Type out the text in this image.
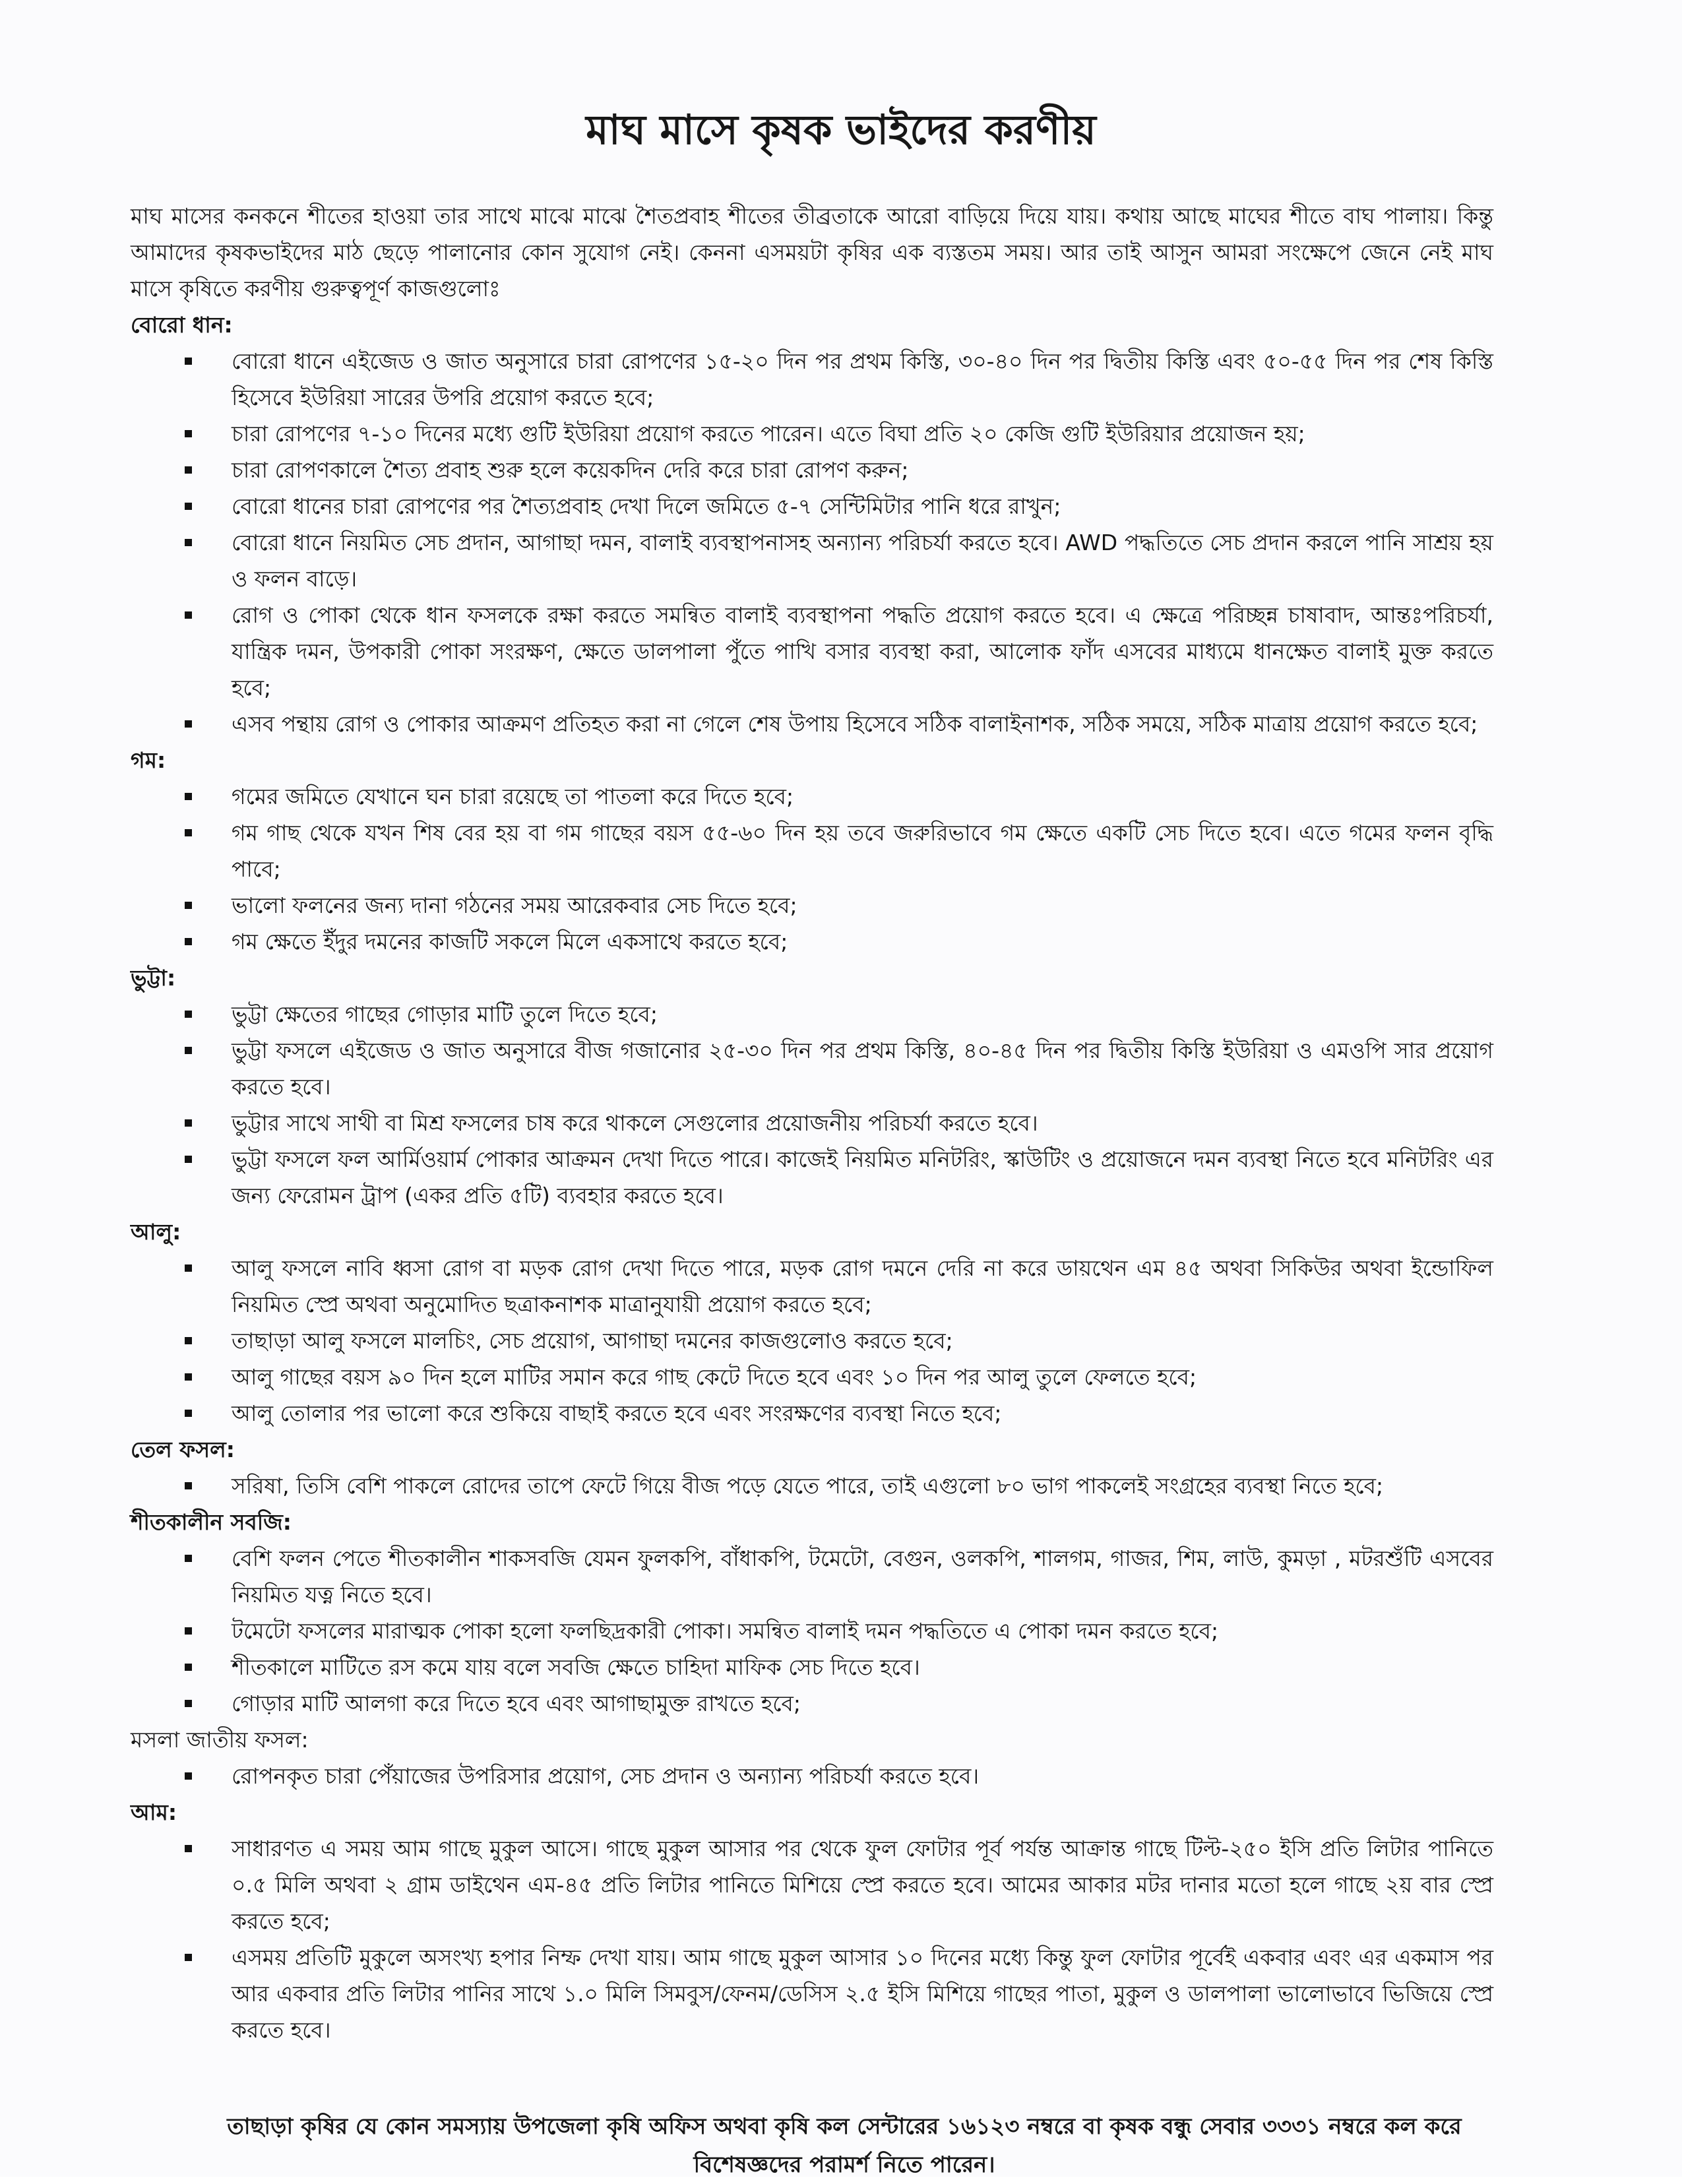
মাঘ মাসে কৃষক ভাইদের করণীয়

মাঘ মাসের কনকনে শীতের হাওয়া তার সাথে মাঝে মাঝে শৈতপ্রবাহ শীতের তীব্রতাকে আরো বাড়িয়ে দিয়ে যায়। কথায় আছে মাঘের শীতে বাঘ পালায়। কিন্তু আমাদের কৃষকভাইদের মাঠ ছেড়ে পালানোর কোন সুযোগ নেই। কেননা এসময়টা কৃষির এক ব্যস্ততম সময়। আর তাই আসুন আমরা সংক্ষেপে জেনে নেই মাঘ মাসে কৃষিতে করণীয় গুরুত্বপূর্ণ কাজগুলোঃ

বোরো ধান:

বোরো ধানে এইজেড ও জাত অনুসারে চারা রোপণের ১৫-২০ দিন পর প্রথম কিস্তি, ৩০-৪০ দিন পর দ্বিতীয় কিস্তি এবং ৫০-৫৫ দিন পর শেষ কিস্তি হিসেবে ইউরিয়া সারের উপরি প্রয়োগ করতে হবে;
চারা রোপণের ৭-১০ দিনের মধ্যে গুটি ইউরিয়া প্রয়োগ করতে পারেন। এতে বিঘা প্রতি ২০ কেজি গুটি ইউরিয়ার প্রয়োজন হয়;
চারা রোপণকালে শৈত্য প্রবাহ শুরু হলে কয়েকদিন দেরি করে চারা রোপণ করুন;
বোরো ধানের চারা রোপণের পর শৈত্যপ্রবাহ দেখা দিলে জমিতে ৫-৭ সেন্টিমিটার পানি ধরে রাখুন;
বোরো ধানে নিয়মিত সেচ প্রদান, আগাছা দমন, বালাই ব্যবস্থাপনাসহ অন্যান্য পরিচর্যা করতে হবে। AWD পদ্ধতিতে সেচ প্রদান করলে পানি সাশ্রয় হয় ও ফলন বাড়ে।
রোগ ও পোকা থেকে ধান ফসলকে রক্ষা করতে সমন্বিত বালাই ব্যবস্থাপনা পদ্ধতি প্রয়োগ করতে হবে। এ ক্ষেত্রে পরিচ্ছন্ন চাষাবাদ, আন্তঃপরিচর্যা, যান্ত্রিক দমন, উপকারী পোকা সংরক্ষণ, ক্ষেতে ডালপালা পুঁতে পাখি বসার ব্যবস্থা করা, আলোক ফাঁদ এসবের মাধ্যমে ধানক্ষেত বালাই মুক্ত করতে হবে;
এসব পন্থায় রোগ ও পোকার আক্রমণ প্রতিহত করা না গেলে শেষ উপায় হিসেবে সঠিক বালাইনাশক, সঠিক সময়ে, সঠিক মাত্রায় প্রয়োগ করতে হবে;

গম:

গমের জমিতে যেখানে ঘন চারা রয়েছে তা পাতলা করে দিতে হবে;
গম গাছ থেকে যখন শিষ বের হয় বা গম গাছের বয়স ৫৫-৬০ দিন হয় তবে জরুরিভাবে গম ক্ষেতে একটি সেচ দিতে হবে। এতে গমের ফলন বৃদ্ধি পাবে;
ভালো ফলনের জন্য দানা গঠনের সময় আরেকবার সেচ দিতে হবে;
গম ক্ষেতে ইঁদুর দমনের কাজটি সকলে মিলে একসাথে করতে হবে;

ভুট্টা:

ভুট্টা ক্ষেতের গাছের গোড়ার মাটি তুলে দিতে হবে;
ভুট্টা ফসলে এইজেড ও জাত অনুসারে বীজ গজানোর ২৫-৩০ দিন পর প্রথম কিস্তি, ৪০-৪৫ দিন পর দ্বিতীয় কিস্তি ইউরিয়া ও এমওপি সার প্রয়োগ করতে হবে।
ভুট্টার সাথে সাথী বা মিশ্র ফসলের চাষ করে থাকলে সেগুলোর প্রয়োজনীয় পরিচর্যা করতে হবে।
ভুট্টা ফসলে ফল আর্মিওয়ার্ম পোকার আক্রমন দেখা দিতে পারে। কাজেই নিয়মিত মনিটরিং, স্কাউটিং ও প্রয়োজনে দমন ব্যবস্থা নিতে হবে মনিটরিং এর জন্য ফেরোমন ট্রাপ (একর প্রতি ৫টি) ব্যবহার করতে হবে।

আলু:

আলু ফসলে নাবি ধ্বসা রোগ বা মড়ক রোগ দেখা দিতে পারে, মড়ক রোগ দমনে দেরি না করে ডায়থেন এম ৪৫ অথবা সিকিউর অথবা ইন্ডোফিল নিয়মিত স্প্রে অথবা অনুমোদিত ছত্রাকনাশক মাত্রানুযায়ী প্রয়োগ করতে হবে;
তাছাড়া আলু ফসলে মালচিং, সেচ প্রয়োগ, আগাছা দমনের কাজগুলোও করতে হবে;
আলু গাছের বয়স ৯০ দিন হলে মাটির সমান করে গাছ কেটে দিতে হবে এবং ১০ দিন পর আলু তুলে ফেলতে হবে;
আলু তোলার পর ভালো করে শুকিয়ে বাছাই করতে হবে এবং সংরক্ষণের ব্যবস্থা নিতে হবে;

তেল ফসল:

সরিষা, তিসি বেশি পাকলে রোদের তাপে ফেটে গিয়ে বীজ পড়ে যেতে পারে, তাই এগুলো ৮০ ভাগ পাকলেই সংগ্রহের ব্যবস্থা নিতে হবে;

শীতকালীন সবজি:

বেশি ফলন পেতে শীতকালীন শাকসবজি যেমন ফুলকপি, বাঁধাকপি, টমেটো, বেগুন, ওলকপি, শালগম, গাজর, শিম, লাউ, কুমড়া , মটরশুঁটি এসবের নিয়মিত যত্ন নিতে হবে।
টমেটো ফসলের মারাত্মক পোকা হলো ফলছিদ্রকারী পোকা। সমন্বিত বালাই দমন পদ্ধতিতে এ পোকা দমন করতে হবে;
শীতকালে মাটিতে রস কমে যায় বলে সবজি ক্ষেতে চাহিদা মাফিক সেচ দিতে হবে।
গোড়ার মাটি আলগা করে দিতে হবে এবং আগাছামুক্ত রাখতে হবে;

মসলা জাতীয় ফসল:

রোপনকৃত চারা পেঁয়াজের উপরিসার প্রয়োগ, সেচ প্রদান ও অন্যান্য পরিচর্যা করতে হবে।

আম:

সাধারণত এ সময় আম গাছে মুকুল আসে। গাছে মুকুল আসার পর থেকে ফুল ফোটার পূর্ব পর্যন্ত আক্রান্ত গাছে টিল্ট-২৫০ ইসি প্রতি লিটার পানিতে ০.৫ মিলি অথবা ২ গ্রাম ডাইথেন এম-৪৫ প্রতি লিটার পানিতে মিশিয়ে স্প্রে করতে হবে। আমের আকার মটর দানার মতো হলে গাছে ২য় বার স্প্রে করতে হবে;
এসময় প্রতিটি মুকুলে অসংখ্য হপার নিম্ফ দেখা যায়। আম গাছে মুকুল আসার ১০ দিনের মধ্যে কিন্তু ফুল ফোটার পূর্বেই একবার এবং এর একমাস পর আর একবার প্রতি লিটার পানির সাথে ১.০ মিলি সিমবুস/ফেনম/ডেসিস ২.৫ ইসি মিশিয়ে গাছের পাতা, মুকুল ও ডালপালা ভালোভাবে ভিজিয়ে স্প্রে করতে হবে।
তাছাড়া কৃষির যে কোন সমস্যায় উপজেলা কৃষি অফিস অথবা কৃষি কল সেন্টারের ১৬১২৩ নম্বরে বা কৃষক বন্ধু সেবার ৩৩৩১ নম্বরে কল করে বিশেষজ্ঞদের পরামর্শ নিতে পারেন।
